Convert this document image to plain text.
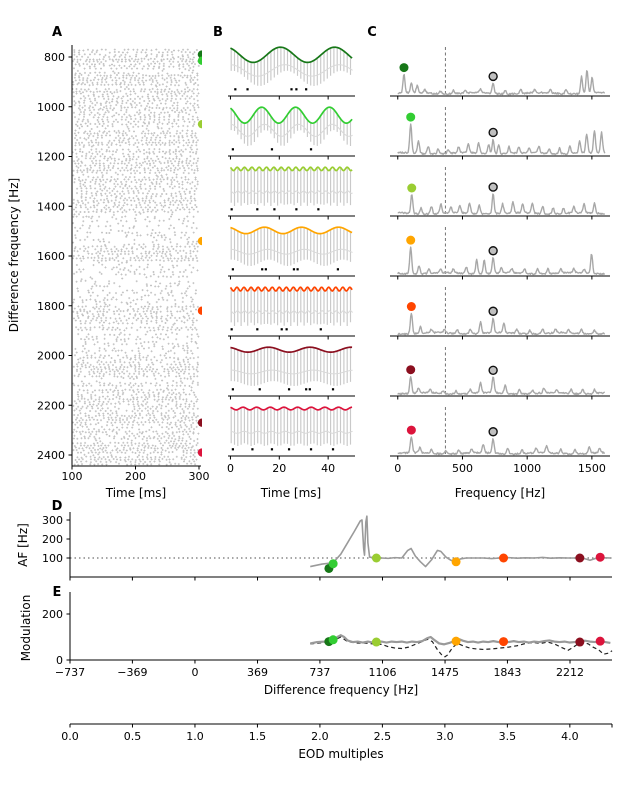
A
100	200	300
800
1000
1200
1400
1600
1800
2000
2200
2400
Time [ms]
Difference frequency [Hz]
B
0	20	40
Time [ms]
C
0	500	1000	1500
Frequency [Hz]
D
100
200
300
AF [Hz]
E
0
200
−737	−369	0	369	737	1106	1475	1843	2212
Difference frequency [Hz]
Modulation
0.0	0.5	1.0	1.5	2.0	2.5	3.0	3.5	4.0
EOD multiples
